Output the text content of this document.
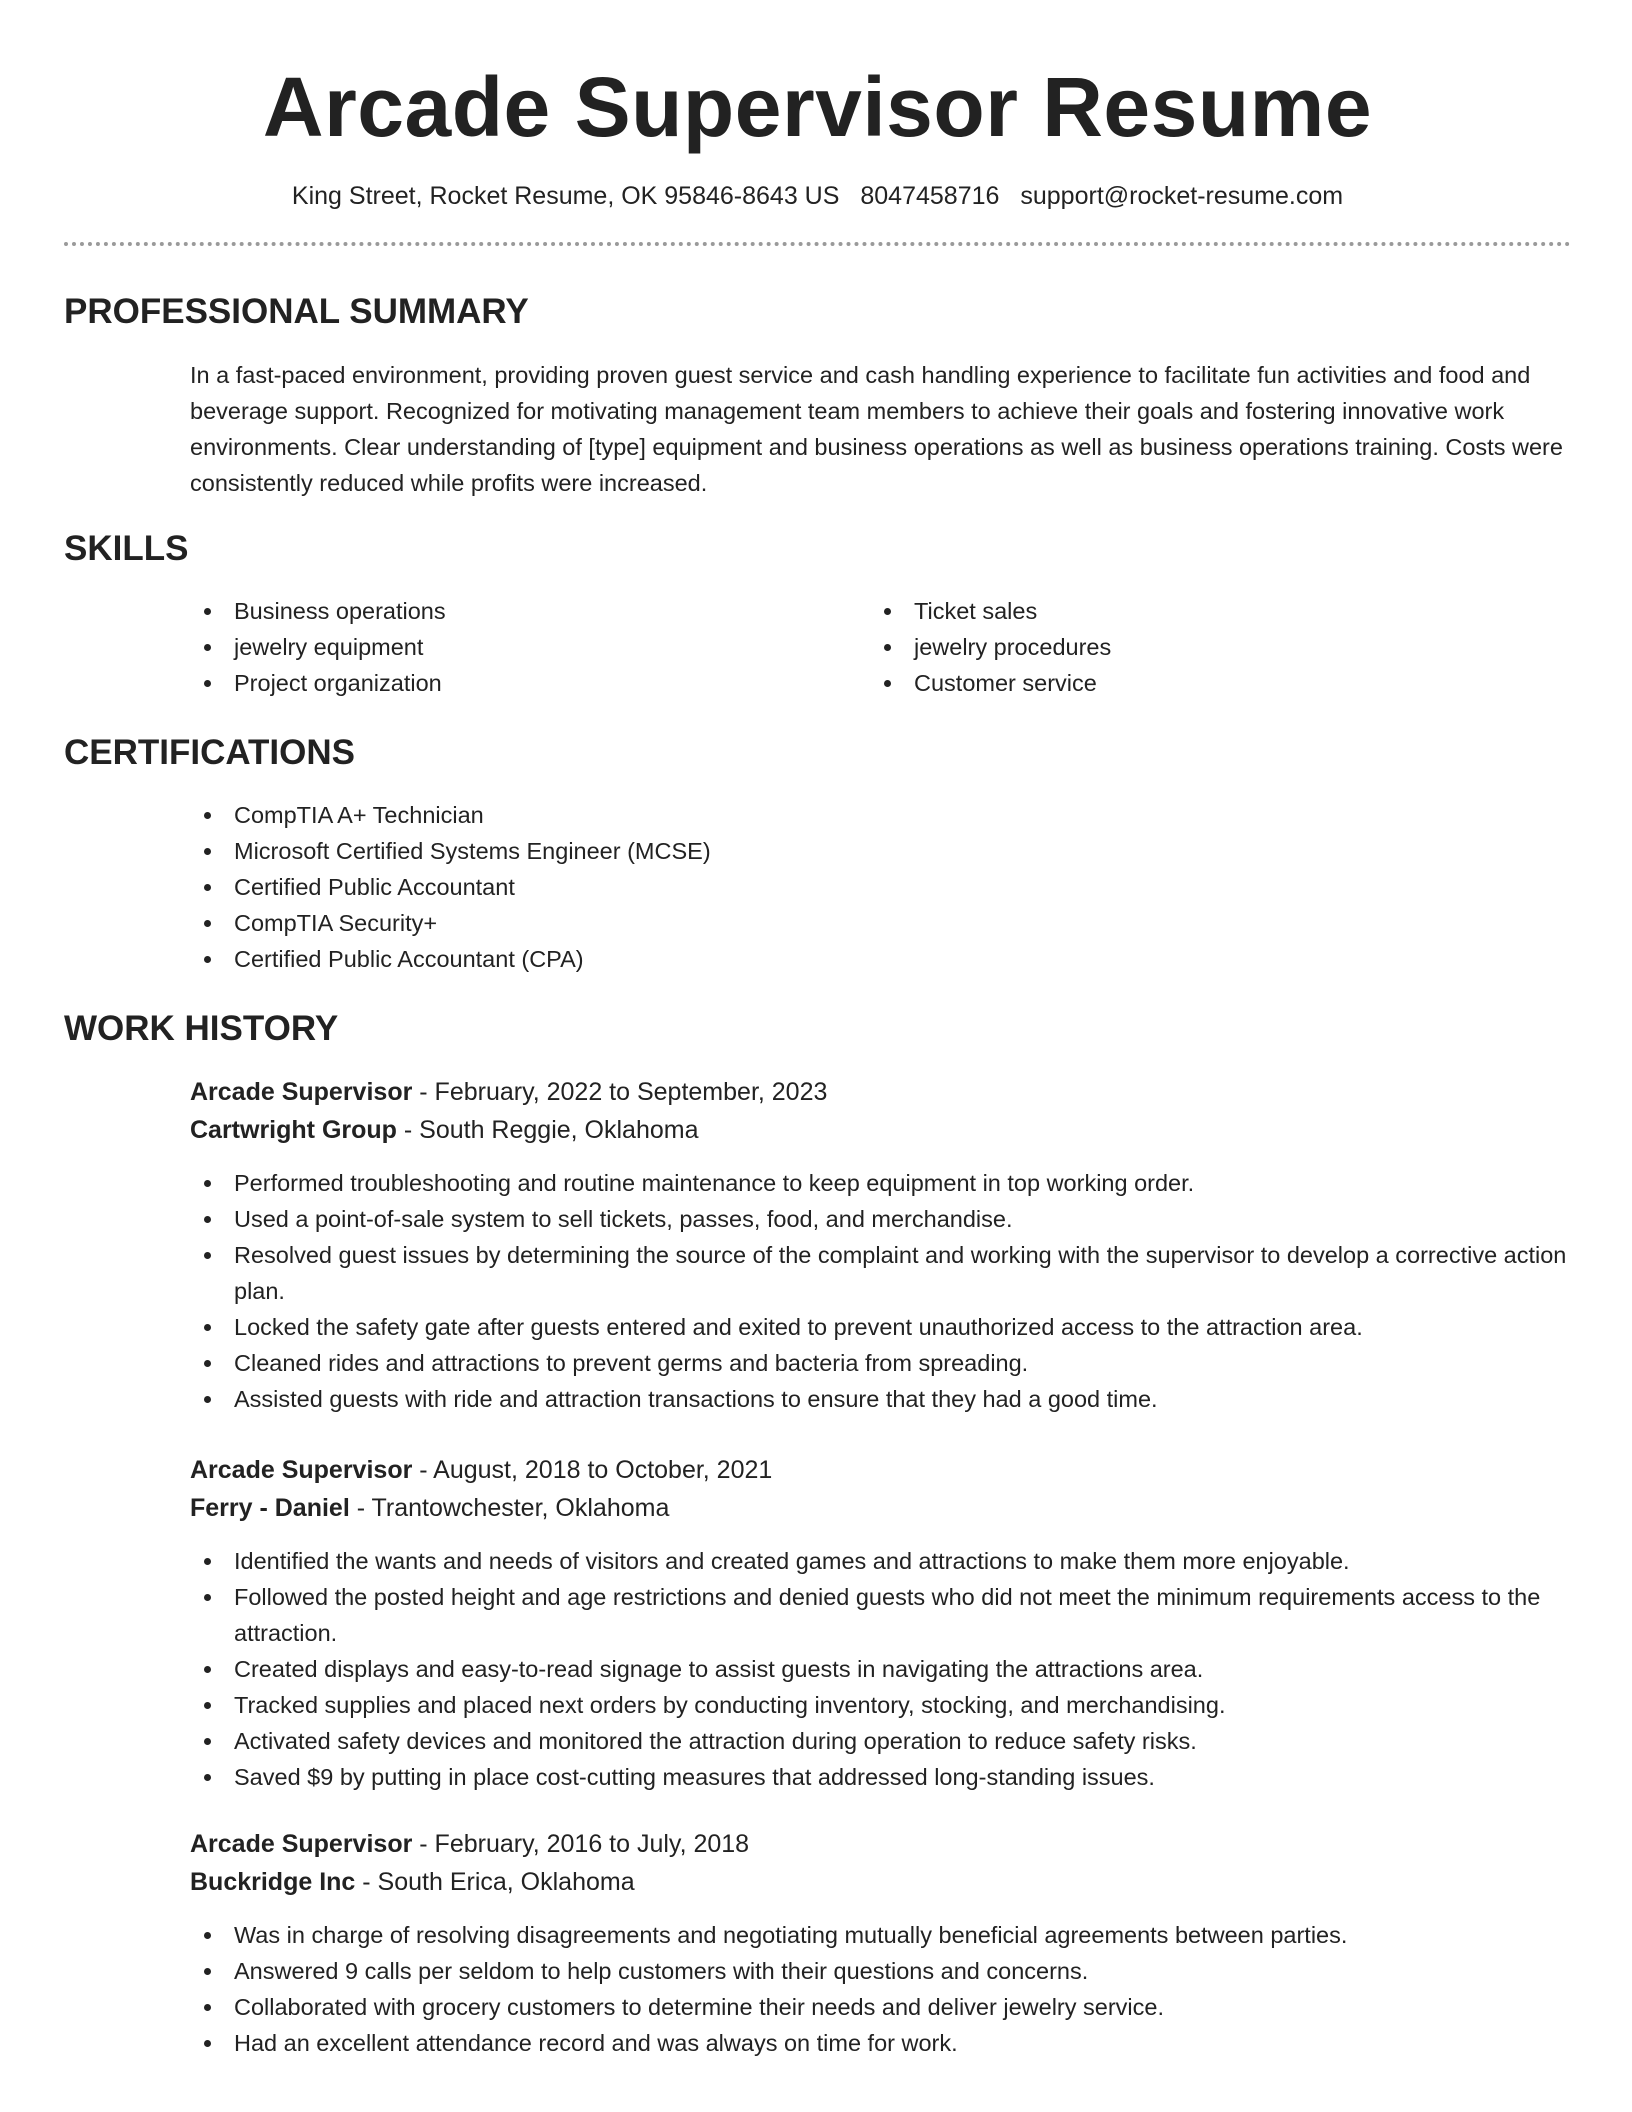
Arcade Supervisor Resume
King Street, Rocket Resume, OK 95846-8643 US 8047458716 support@rocket-resume.com
PROFESSIONAL SUMMARY

In a fast-paced environment, providing proven guest service and cash handling experience to facilitate fun activities and food and beverage support. Recognized for motivating management team members to achieve their goals and fostering innovative work environments. Clear understanding of [type] equipment and business operations as well as business operations training. Costs were consistently reduced while profits were increased.

SKILLS
Business operations
jewelry equipment
Project organization
Ticket sales
jewelry procedures
Customer service
CERTIFICATIONS
CompTIA A+ Technician
Microsoft Certified Systems Engineer (MCSE)
Certified Public Accountant
CompTIA Security+
Certified Public Accountant (CPA)
WORK HISTORY
Arcade Supervisor - February, 2022 to September, 2023
Cartwright Group - South Reggie, Oklahoma
Performed troubleshooting and routine maintenance to keep equipment in top working order.
Used a point-of-sale system to sell tickets, passes, food, and merchandise.
Resolved guest issues by determining the source of the complaint and working with the supervisor to develop a corrective action plan.
Locked the safety gate after guests entered and exited to prevent unauthorized access to the attraction area.
Cleaned rides and attractions to prevent germs and bacteria from spreading.
Assisted guests with ride and attraction transactions to ensure that they had a good time.
Arcade Supervisor - August, 2018 to October, 2021
Ferry - Daniel - Trantowchester, Oklahoma
Identified the wants and needs of visitors and created games and attractions to make them more enjoyable.
Followed the posted height and age restrictions and denied guests who did not meet the minimum requirements access to the attraction.
Created displays and easy-to-read signage to assist guests in navigating the attractions area.
Tracked supplies and placed next orders by conducting inventory, stocking, and merchandising.
Activated safety devices and monitored the attraction during operation to reduce safety risks.
Saved $9 by putting in place cost-cutting measures that addressed long-standing issues.
Arcade Supervisor - February, 2016 to July, 2018
Buckridge Inc - South Erica, Oklahoma
Was in charge of resolving disagreements and negotiating mutually beneficial agreements between parties.
Answered 9 calls per seldom to help customers with their questions and concerns.
Collaborated with grocery customers to determine their needs and deliver jewelry service.
Had an excellent attendance record and was always on time for work.
